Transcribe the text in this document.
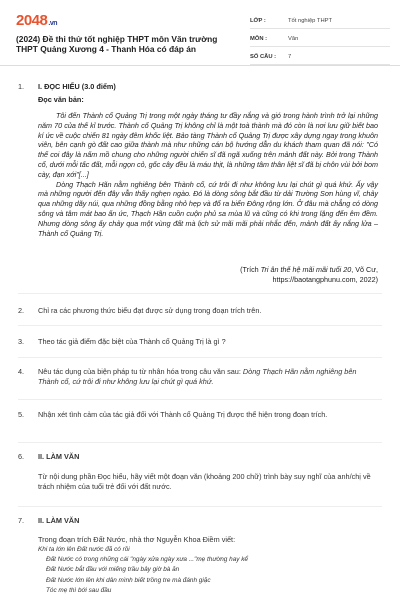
2048.vn
(2024) Đề thi thử tốt nghiệp THPT môn Văn trường THPT Quảng Xương 4 - Thanh Hóa có đáp án
LỚP :	Tốt nghiệp THPT
MÔN :	Văn
SỐ CÂU :	7
1. I. ĐỌC HIỂU (3.0 điểm)
Đọc văn bản:

Tôi đến Thành cổ Quảng Trị trong một ngày tháng tư đầy nắng và gió trong hành trình trở lại những năm 70 của thế kỉ trước. Thành cổ Quảng Trị không chỉ là một toà thành mà đó còn là nơi lưu giữ biết bao kí ức về cuộc chiến 81 ngày đêm khốc liệt. Bảo tàng Thành cổ Quảng Trị được xây dựng ngay trong khuôn viên, bên cạnh gò đất cao giữa thành mà như những cán bộ hướng dẫn du khách tham quan đã nói: "Có thể coi đây là nấm mồ chung cho những người chiến sĩ đã ngã xuống trên mảnh đất này. Bởi trong Thành cổ, dưới mỗi tấc đất, mỗi ngọn cỏ, gốc cây đều là máu thịt, là những tâm thân liệt sĩ đã bị chôn vùi bởi bom cày, đạn xới"[...]

Dòng Thạch Hãn nằm nghiêng bên Thành cổ, cứ trôi đi như không lưu lại chút gì quá khứ. Ấy vậy mà những người đến đây vẫn thấy nghẹn ngào. Đó là dòng sông bắt đầu từ dải Trường Sơn hùng vĩ, chảy qua những dãy núi, qua những đồng bằng nhỏ hẹp và đổ ra biển Đông rộng lớn. Ở đâu mà chẳng có dòng sông và tâm mát bao ấn ức, Thạch Hãn cuồn cuộn phủ sa mùa lũ và cũng có khi trong lặng đến êm đềm. Nhưng dòng sông ấy chảy qua một vùng đất mà lịch sử mãi mãi phải nhắc đến, mảnh đất ấy nắng lửa – Thành cổ Quảng Trị.

(Trích Tri ân thế hệ mãi mãi tuổi 20, Võ Cư,
https://baotangphunu.com, 2022)
2. Chỉ ra các phương thức biểu đạt được sử dụng trong đoạn trích trên.
3. Theo tác giả điểm đặc biệt của Thành cổ Quảng Trị là gì ?
4. Nêu tác dụng của biện pháp tu từ nhân hóa trong câu văn sau: Dòng Thạch Hãn nằm nghiêng bên Thành cổ, cứ trôi đi như không lưu lại chút gì quá khứ.
5. Nhận xét tình cảm của tác giả đối với Thành cổ Quảng Trị được thể hiện trong đoạn trích.
6. II. LÀM VĂN
Từ nội dung phần Đọc hiểu, hãy viết một đoạn văn (khoảng 200 chữ) trình bày suy nghĩ của anh/chị về trách nhiệm của tuổi trẻ đối với đất nước.
7. II. LÀM VĂN
Trong đoạn trích Đất Nước, nhà thơ Nguyễn Khoa Điềm viết:
Khi ta lớn lên Đất nước đã có rồi
Đất Nước có trong những cái "ngày xửa ngày xưa ..."mẹ thường hay kể
Đất Nước bắt đầu với miếng trầu bây giờ bà ăn
Đất Nước lớn lên khi dân mình biết trồng tre mà đánh giặc
Tóc mẹ thì bới sau đầu
